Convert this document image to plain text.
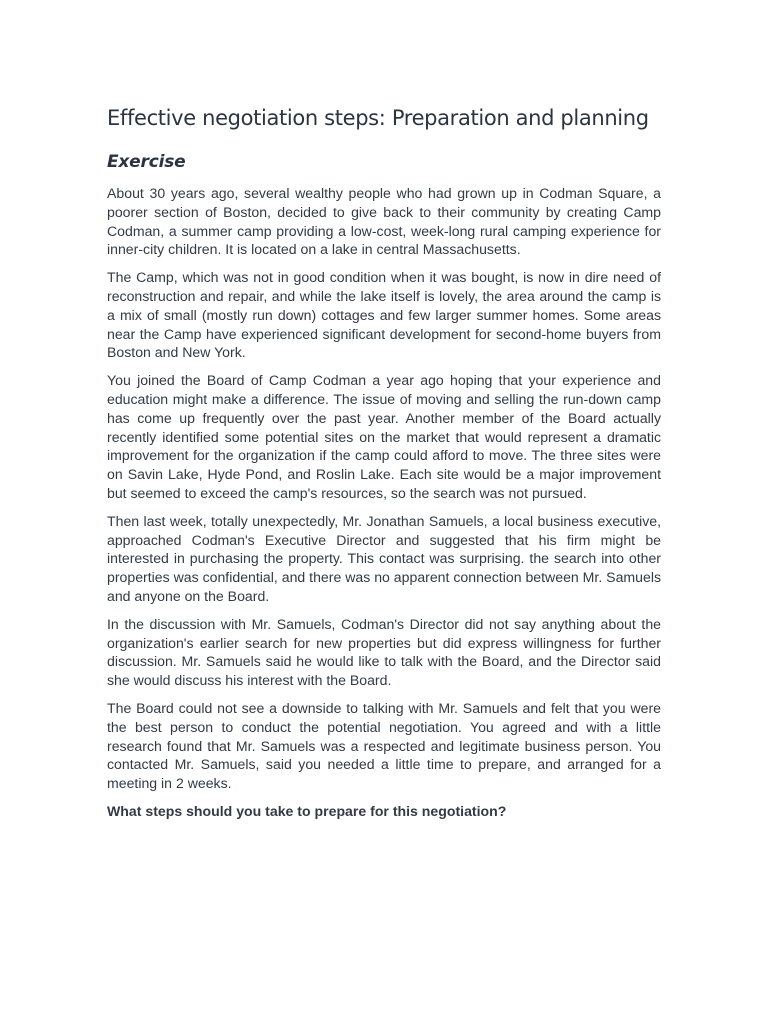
Effective negotiation steps: Preparation and planning
Exercise

About 30 years ago, several wealthy people who had grown up in Codman Square, a poorer section of Boston, decided to give back to their community by creating Camp Codman, a summer camp providing a low-cost, week-long rural camping experience for inner-city children. It is located on a lake in central Massachusetts.

The Camp, which was not in good condition when it was bought, is now in dire need of reconstruction and repair, and while the lake itself is lovely, the area around the camp is a mix of small (mostly run down) cottages and few larger summer homes. Some areas near the Camp have experienced significant development for second-home buyers from Boston and New York.

You joined the Board of Camp Codman a year ago hoping that your experience and education might make a difference. The issue of moving and selling the run-down camp has come up frequently over the past year. Another member of the Board actually recently identified some potential sites on the market that would represent a dramatic improvement for the organization if the camp could afford to move. The three sites were on Savin Lake, Hyde Pond, and Roslin Lake. Each site would be a major improvement but seemed to exceed the camp's resources, so the search was not pursued.

Then last week, totally unexpectedly, Mr. Jonathan Samuels, a local business executive, approached Codman's Executive Director and suggested that his firm might be interested in purchasing the property. This contact was surprising. the search into other properties was confidential, and there was no apparent connection between Mr. Samuels and anyone on the Board.

In the discussion with Mr. Samuels, Codman's Director did not say anything about the organization's earlier search for new properties but did express willingness for further discussion. Mr. Samuels said he would like to talk with the Board, and the Director said she would discuss his interest with the Board.

The Board could not see a downside to talking with Mr. Samuels and felt that you were the best person to conduct the potential negotiation. You agreed and with a little research found that Mr. Samuels was a respected and legitimate business person. You contacted Mr. Samuels, said you needed a little time to prepare, and arranged for a meeting in 2 weeks.

What steps should you take to prepare for this negotiation?
